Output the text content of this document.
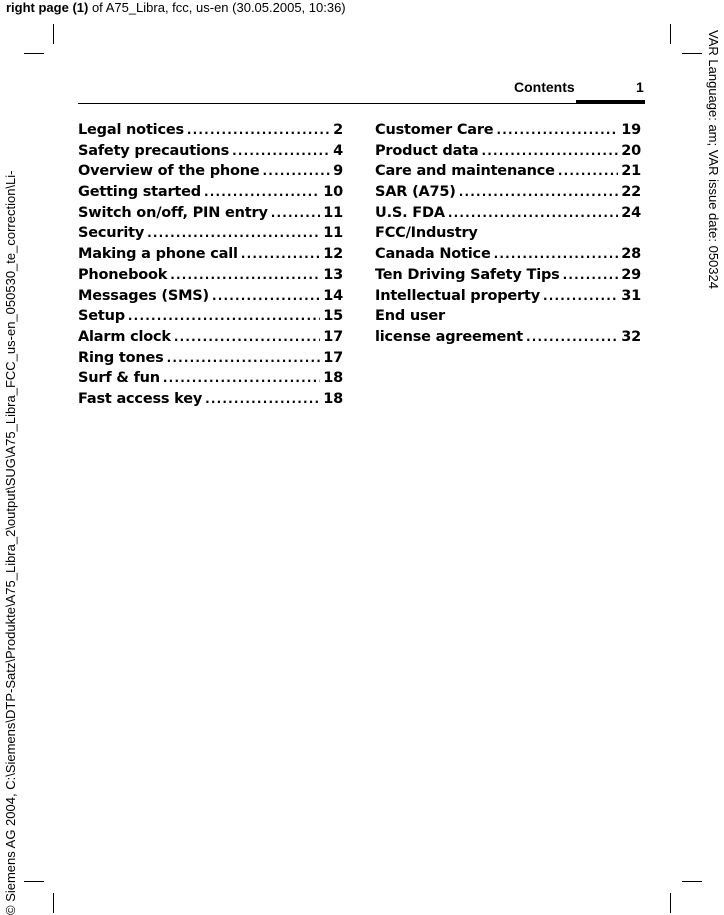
right page (1) of A75_Libra, fcc, us-en (30.05.2005, 10:36)
© Siemens AG 2004, C:\Siemens\DTP-Satz\Produkte\A75_Libra_2\output\SUG\A75_Libra_FCC_us-en_050530_te_correction\Li-
VAR Language: am; VAR issue date: 050324
Contents	1
Legal notices .....	2
Safety precautions .....	4
Overview of the phone .....	9
Getting started .....	10
Switch on/off, PIN entry .....	11
Security .....	11
Making a phone call .....	12
Phonebook .....	13
Messages (SMS) .....	14
Setup .....	15
Alarm clock .....	17
Ring tones .....	17
Surf & fun .....	18
Fast access key .....	18
Customer Care .....	19
Product data .....	20
Care and maintenance .....	21
SAR (A75) .....	22
U.S. FDA .....	24
FCC/Industry
Canada Notice .....	28
Ten Driving Safety Tips .....	29
Intellectual property .....	31
End user
license agreement .....	32
